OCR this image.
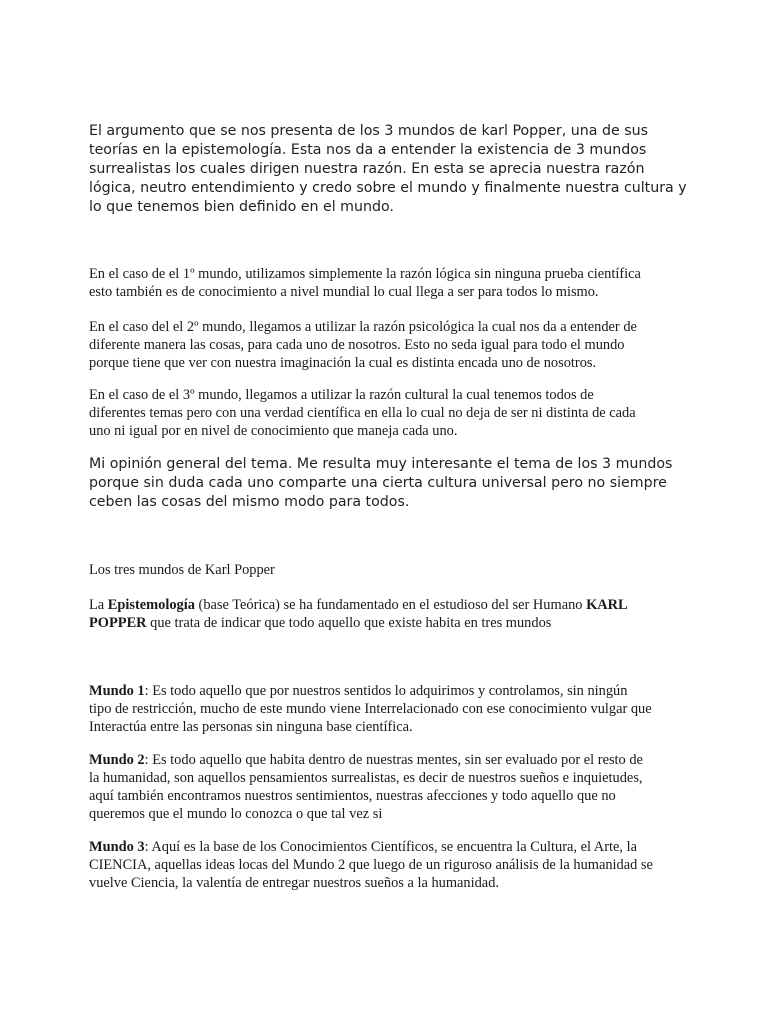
El argumento que se nos presenta de los 3 mundos de karl Popper, una de sus
teorías en la epistemología. Esta nos da a entender la existencia de 3 mundos
surrealistas los cuales dirigen nuestra razón. En esta se aprecia nuestra razón
lógica, neutro entendimiento y credo sobre el mundo y finalmente nuestra cultura y
lo que tenemos bien definido en el mundo.

En el caso de el 1º mundo, utilizamos simplemente la razón lógica sin ninguna prueba científica
esto también es de conocimiento a nivel mundial lo cual llega a ser para todos lo mismo.

En el caso del el 2º mundo, llegamos a utilizar la razón psicológica la cual nos da a entender de
diferente manera las cosas, para cada uno de nosotros. Esto no seda igual para todo el mundo
porque tiene que ver con nuestra imaginación la cual es distinta encada uno de nosotros.

En el caso de el 3º mundo, llegamos a utilizar la razón cultural la cual tenemos todos de
diferentes temas pero con una verdad científica en ella lo cual no deja de ser ni distinta de cada
uno ni igual por en nivel de conocimiento que maneja cada uno.

Mi opinión general del tema. Me resulta muy interesante el tema de los 3 mundos
porque sin duda cada uno comparte una cierta cultura universal pero no siempre
ceben las cosas del mismo modo para todos.

Los tres mundos de Karl Popper

La Epistemología (base Teórica) se ha fundamentado en el estudioso del ser Humano KARL
POPPER que trata de indicar que todo aquello que existe habita en tres mundos

Mundo 1: Es todo aquello que por nuestros sentidos lo adquirimos y controlamos, sin ningún
tipo de restricción, mucho de este mundo viene Interrelacionado con ese conocimiento vulgar que
Interactúa entre las personas sin ninguna base científica.

Mundo 2: Es todo aquello que habita dentro de nuestras mentes, sin ser evaluado por el resto de
la humanidad, son aquellos pensamientos surrealistas, es decir de nuestros sueños e inquietudes,
aquí también encontramos nuestros sentimientos, nuestras afecciones y todo aquello que no
queremos que el mundo lo conozca o que tal vez si

Mundo 3: Aquí es la base de los Conocimientos Científicos, se encuentra la Cultura, el Arte, la
CIENCIA, aquellas ideas locas del Mundo 2 que luego de un riguroso análisis de la humanidad se
vuelve Ciencia, la valentía de entregar nuestros sueños a la humanidad.
